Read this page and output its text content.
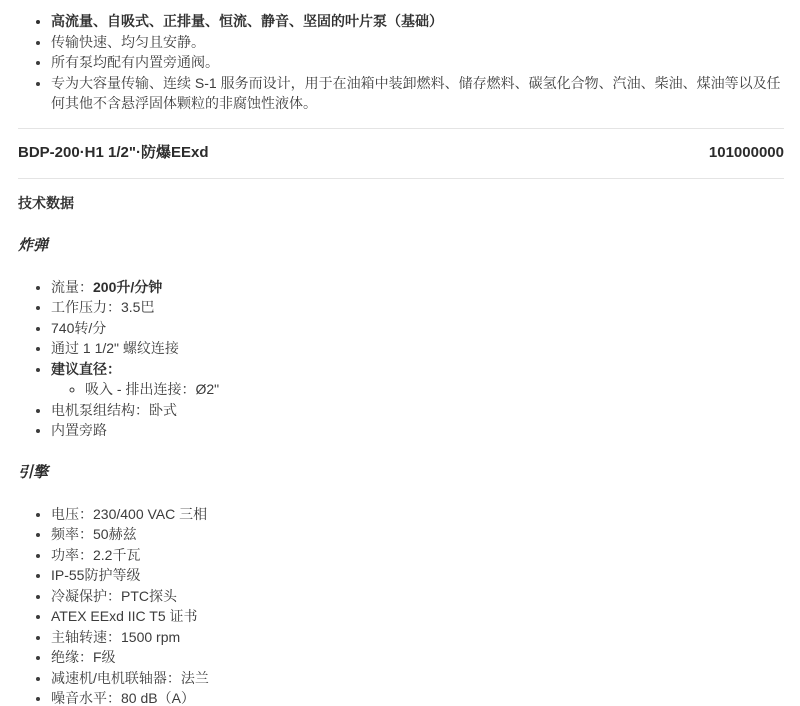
• 高流量、自吸式、正排量、恒流、静音、坚固的叶片泵（基础）
• 传输快速、均匀且安静。
• 所有泵均配有内置旁通阀。
• 专为大容量传输、连续 S-1 服务而设计，用于在油箱中装卸燃料、储存燃料、碳氢化合物、汽油、柴油、煤油等以及任何其他不含悬浮固体颗粒的非腐蚀性液体。
BDP-200·H1 1/2"·防爆EExd	101000000

技术数据

炸弹
• 流量：200升/分钟
• 工作压力：3.5巴
• 740转/分
• 通过 1 1/2" 螺纹连接
• 建议直径：
◦ 吸入 - 排出连接：Ø2"
• 电机泵组结构：卧式
• 内置旁路
引擎
• 电压：230/400 VAC 三相
• 频率：50赫兹
• 功率：2.2千瓦
• IP-55防护等级
• 冷凝保护：PTC探头
• ATEX EExd IIC T5 证书
• 主轴转速：1500 rpm
• 绝缘：F级
• 减速机/电机联轴器：法兰
• 噪音水平：80 dB（A）
